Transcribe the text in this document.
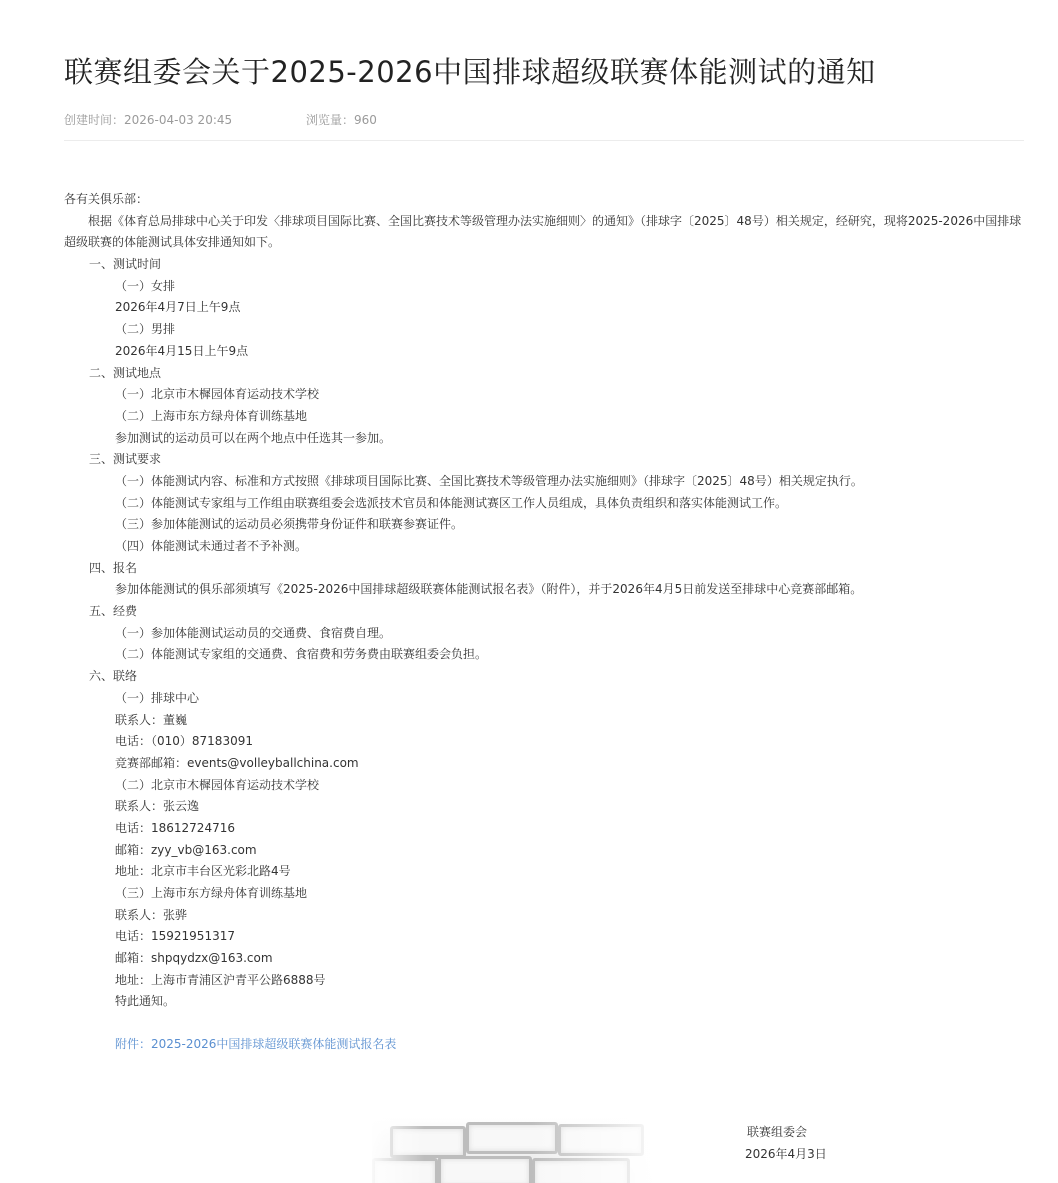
联赛组委会关于2025-2026中国排球超级联赛体能测试的通知
创建时间：2026-04-03 20:45	浏览量：960
各有关俱乐部：
根据《体育总局排球中心关于印发〈排球项目国际比赛、全国比赛技术等级管理办法实施细则〉的通知》（排球字〔2025〕48号）相关规定，经研究，现将2025-2026中国排球超级联赛的体能测试具体安排通知如下。
一、测试时间
（一）女排
2026年4月7日上午9点
（二）男排
2026年4月15日上午9点
二、测试地点
（一）北京市木樨园体育运动技术学校
（二）上海市东方绿舟体育训练基地
参加测试的运动员可以在两个地点中任选其一参加。
三、测试要求
（一）体能测试内容、标准和方式按照《排球项目国际比赛、全国比赛技术等级管理办法实施细则》（排球字〔2025〕48号）相关规定执行。
（二）体能测试专家组与工作组由联赛组委会选派技术官员和体能测试赛区工作人员组成，具体负责组织和落实体能测试工作。
（三）参加体能测试的运动员必须携带身份证件和联赛参赛证件。
（四）体能测试未通过者不予补测。
四、报名
参加体能测试的俱乐部须填写《2025-2026中国排球超级联赛体能测试报名表》（附件），并于2026年4月5日前发送至排球中心竞赛部邮箱。
五、经费
（一）参加体能测试运动员的交通费、食宿费自理。
（二）体能测试专家组的交通费、食宿费和劳务费由联赛组委会负担。
六、联络
（一）排球中心
联系人：董巍
电话：（010）87183091
竞赛部邮箱：events@volleyballchina.com
（二）北京市木樨园体育运动技术学校
联系人：张云逸
电话：18612724716
邮箱：zyy_vb@163.com
地址：北京市丰台区光彩北路4号
（三）上海市东方绿舟体育训练基地
联系人：张骅
电话：15921951317
邮箱：shpqydzx@163.com
地址：上海市青浦区沪青平公路6888号
特此通知。
附件：2025-2026中国排球超级联赛体能测试报名表
联赛组委会
2026年4月3日
